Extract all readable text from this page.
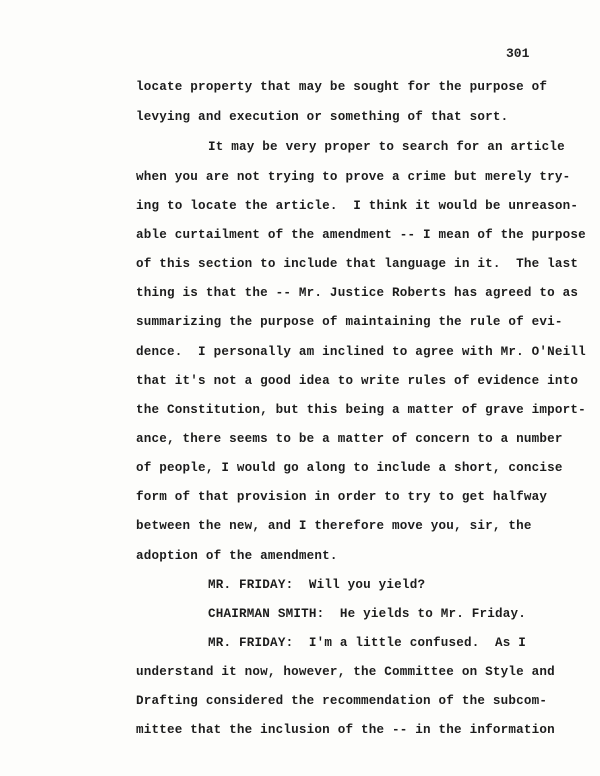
301
locate property that may be sought for the purpose of
levying and execution or something of that sort.
It may be very proper to search for an article
when you are not trying to prove a crime but merely try-
ing to locate the article.  I think it would be unreason-
able curtailment of the amendment -- I mean of the purpose
of this section to include that language in it.  The last
thing is that the -- Mr. Justice Roberts has agreed to as
summarizing the purpose of maintaining the rule of evi-
dence.  I personally am inclined to agree with Mr. O'Neill
that it's not a good idea to write rules of evidence into
the Constitution, but this being a matter of grave import-
ance, there seems to be a matter of concern to a number
of people, I would go along to include a short, concise
form of that provision in order to try to get halfway
between the new, and I therefore move you, sir, the
adoption of the amendment.
MR. FRIDAY:  Will you yield?
CHAIRMAN SMITH:  He yields to Mr. Friday.
MR. FRIDAY:  I'm a little confused.  As I
understand it now, however, the Committee on Style and
Drafting considered the recommendation of the subcom-
mittee that the inclusion of the -- in the information
